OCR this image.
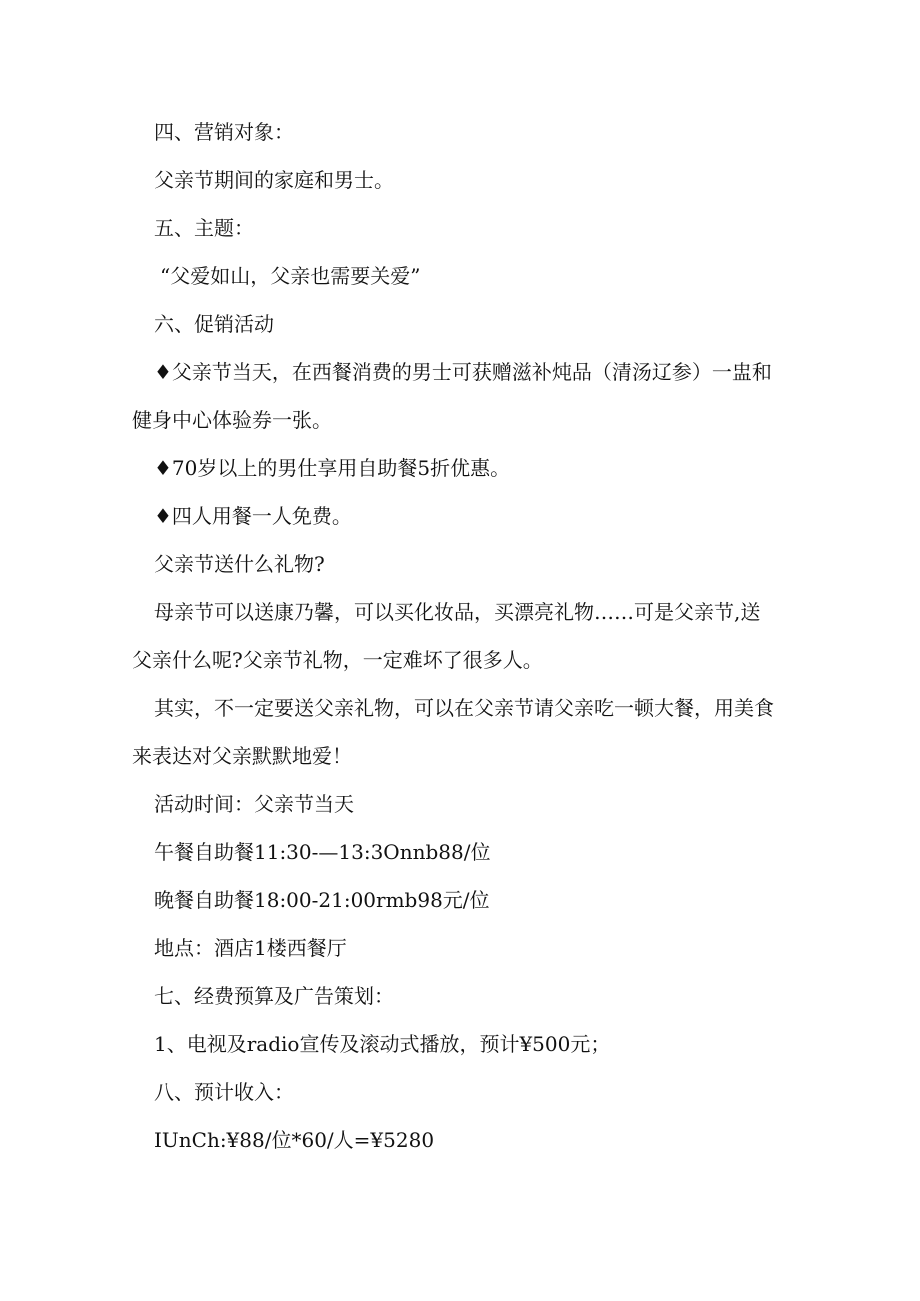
四、营销对象：

父亲节期间的家庭和男士。

五、主题：

“父爱如山，父亲也需要关爱”

六、促销活动

♦父亲节当天，在西餐消费的男士可获赠滋补炖品（清汤辽参）一盅和

健身中心体验券一张。

♦70岁以上的男仕享用自助餐5折优惠。

♦四人用餐一人免费。

父亲节送什么礼物?

母亲节可以送康乃馨，可以买化妆品，买漂亮礼物……可是父亲节,送

父亲什么呢?父亲节礼物，一定难坏了很多人。

其实，不一定要送父亲礼物，可以在父亲节请父亲吃一顿大餐，用美食

来表达对父亲默默地爱！

活动时间：父亲节当天

午餐自助餐11:30-—13:3Onnb88/位

晚餐自助餐18:00-21:00rmb98元/位

地点：酒店1楼西餐厅

七、经费预算及广告策划：

1、电视及radio宣传及滚动式播放，预计¥500元；

八、预计收入：

IUnCh:¥88/位*60/人=¥5280
